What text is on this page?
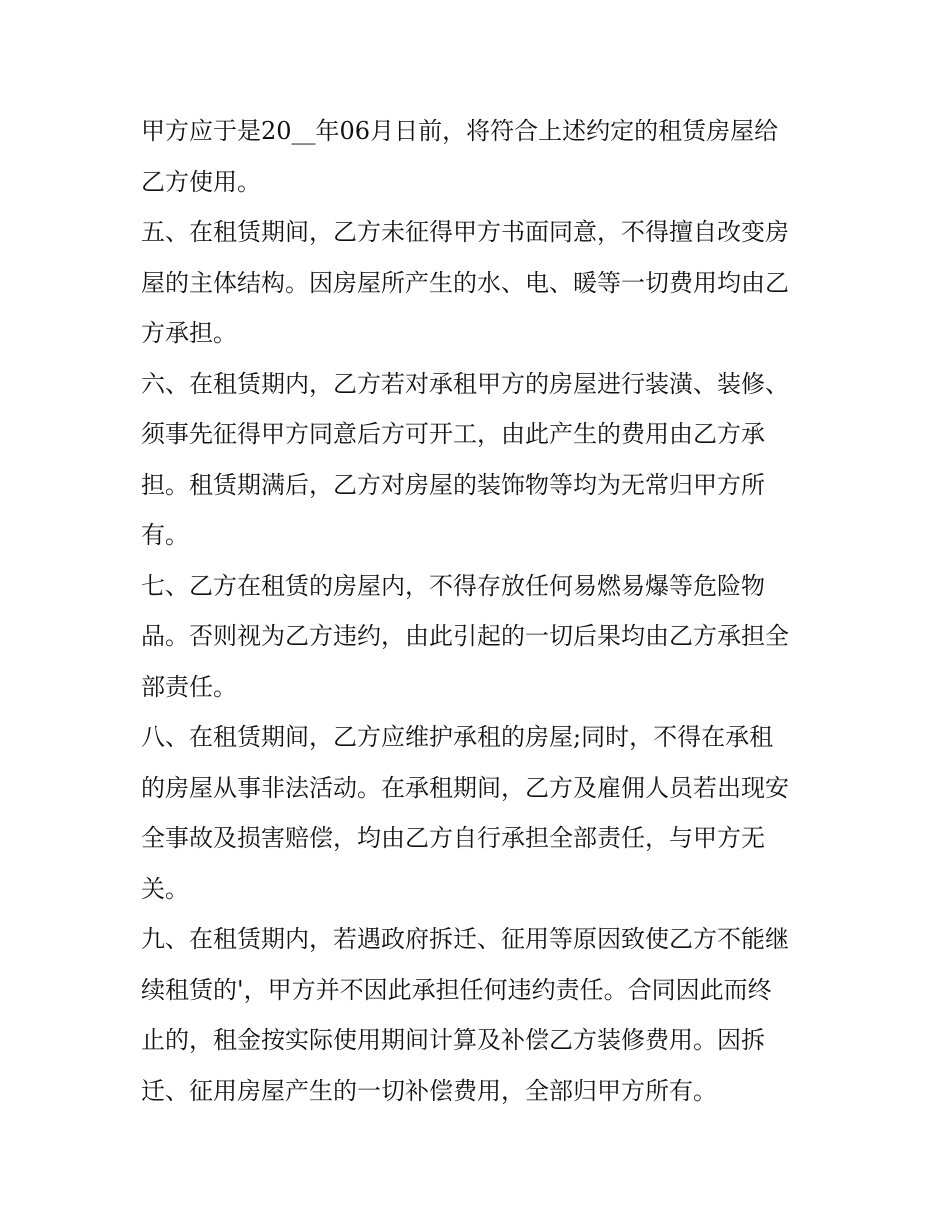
甲方应于是20__年06月日前，将符合上述约定的租赁房屋给
乙方使用。

五、在租赁期间，乙方未征得甲方书面同意，不得擅自改变房
屋的主体结构。因房屋所产生的水、电、暖等一切费用均由乙
方承担。

六、在租赁期内，乙方若对承租甲方的房屋进行装潢、装修、
须事先征得甲方同意后方可开工，由此产生的费用由乙方承
担。租赁期满后，乙方对房屋的装饰物等均为无常归甲方所
有。

七、乙方在租赁的房屋内，不得存放任何易燃易爆等危险物
品。否则视为乙方违约，由此引起的一切后果均由乙方承担全
部责任。

八、在租赁期间，乙方应维护承租的房屋;同时，不得在承租
的房屋从事非法活动。在承租期间，乙方及雇佣人员若出现安
全事故及损害赔偿，均由乙方自行承担全部责任，与甲方无
关。

九、在租赁期内，若遇政府拆迁、征用等原因致使乙方不能继
续租赁的'，甲方并不因此承担任何违约责任。合同因此而终
止的，租金按实际使用期间计算及补偿乙方装修费用。因拆
迁、征用房屋产生的一切补偿费用，全部归甲方所有。
